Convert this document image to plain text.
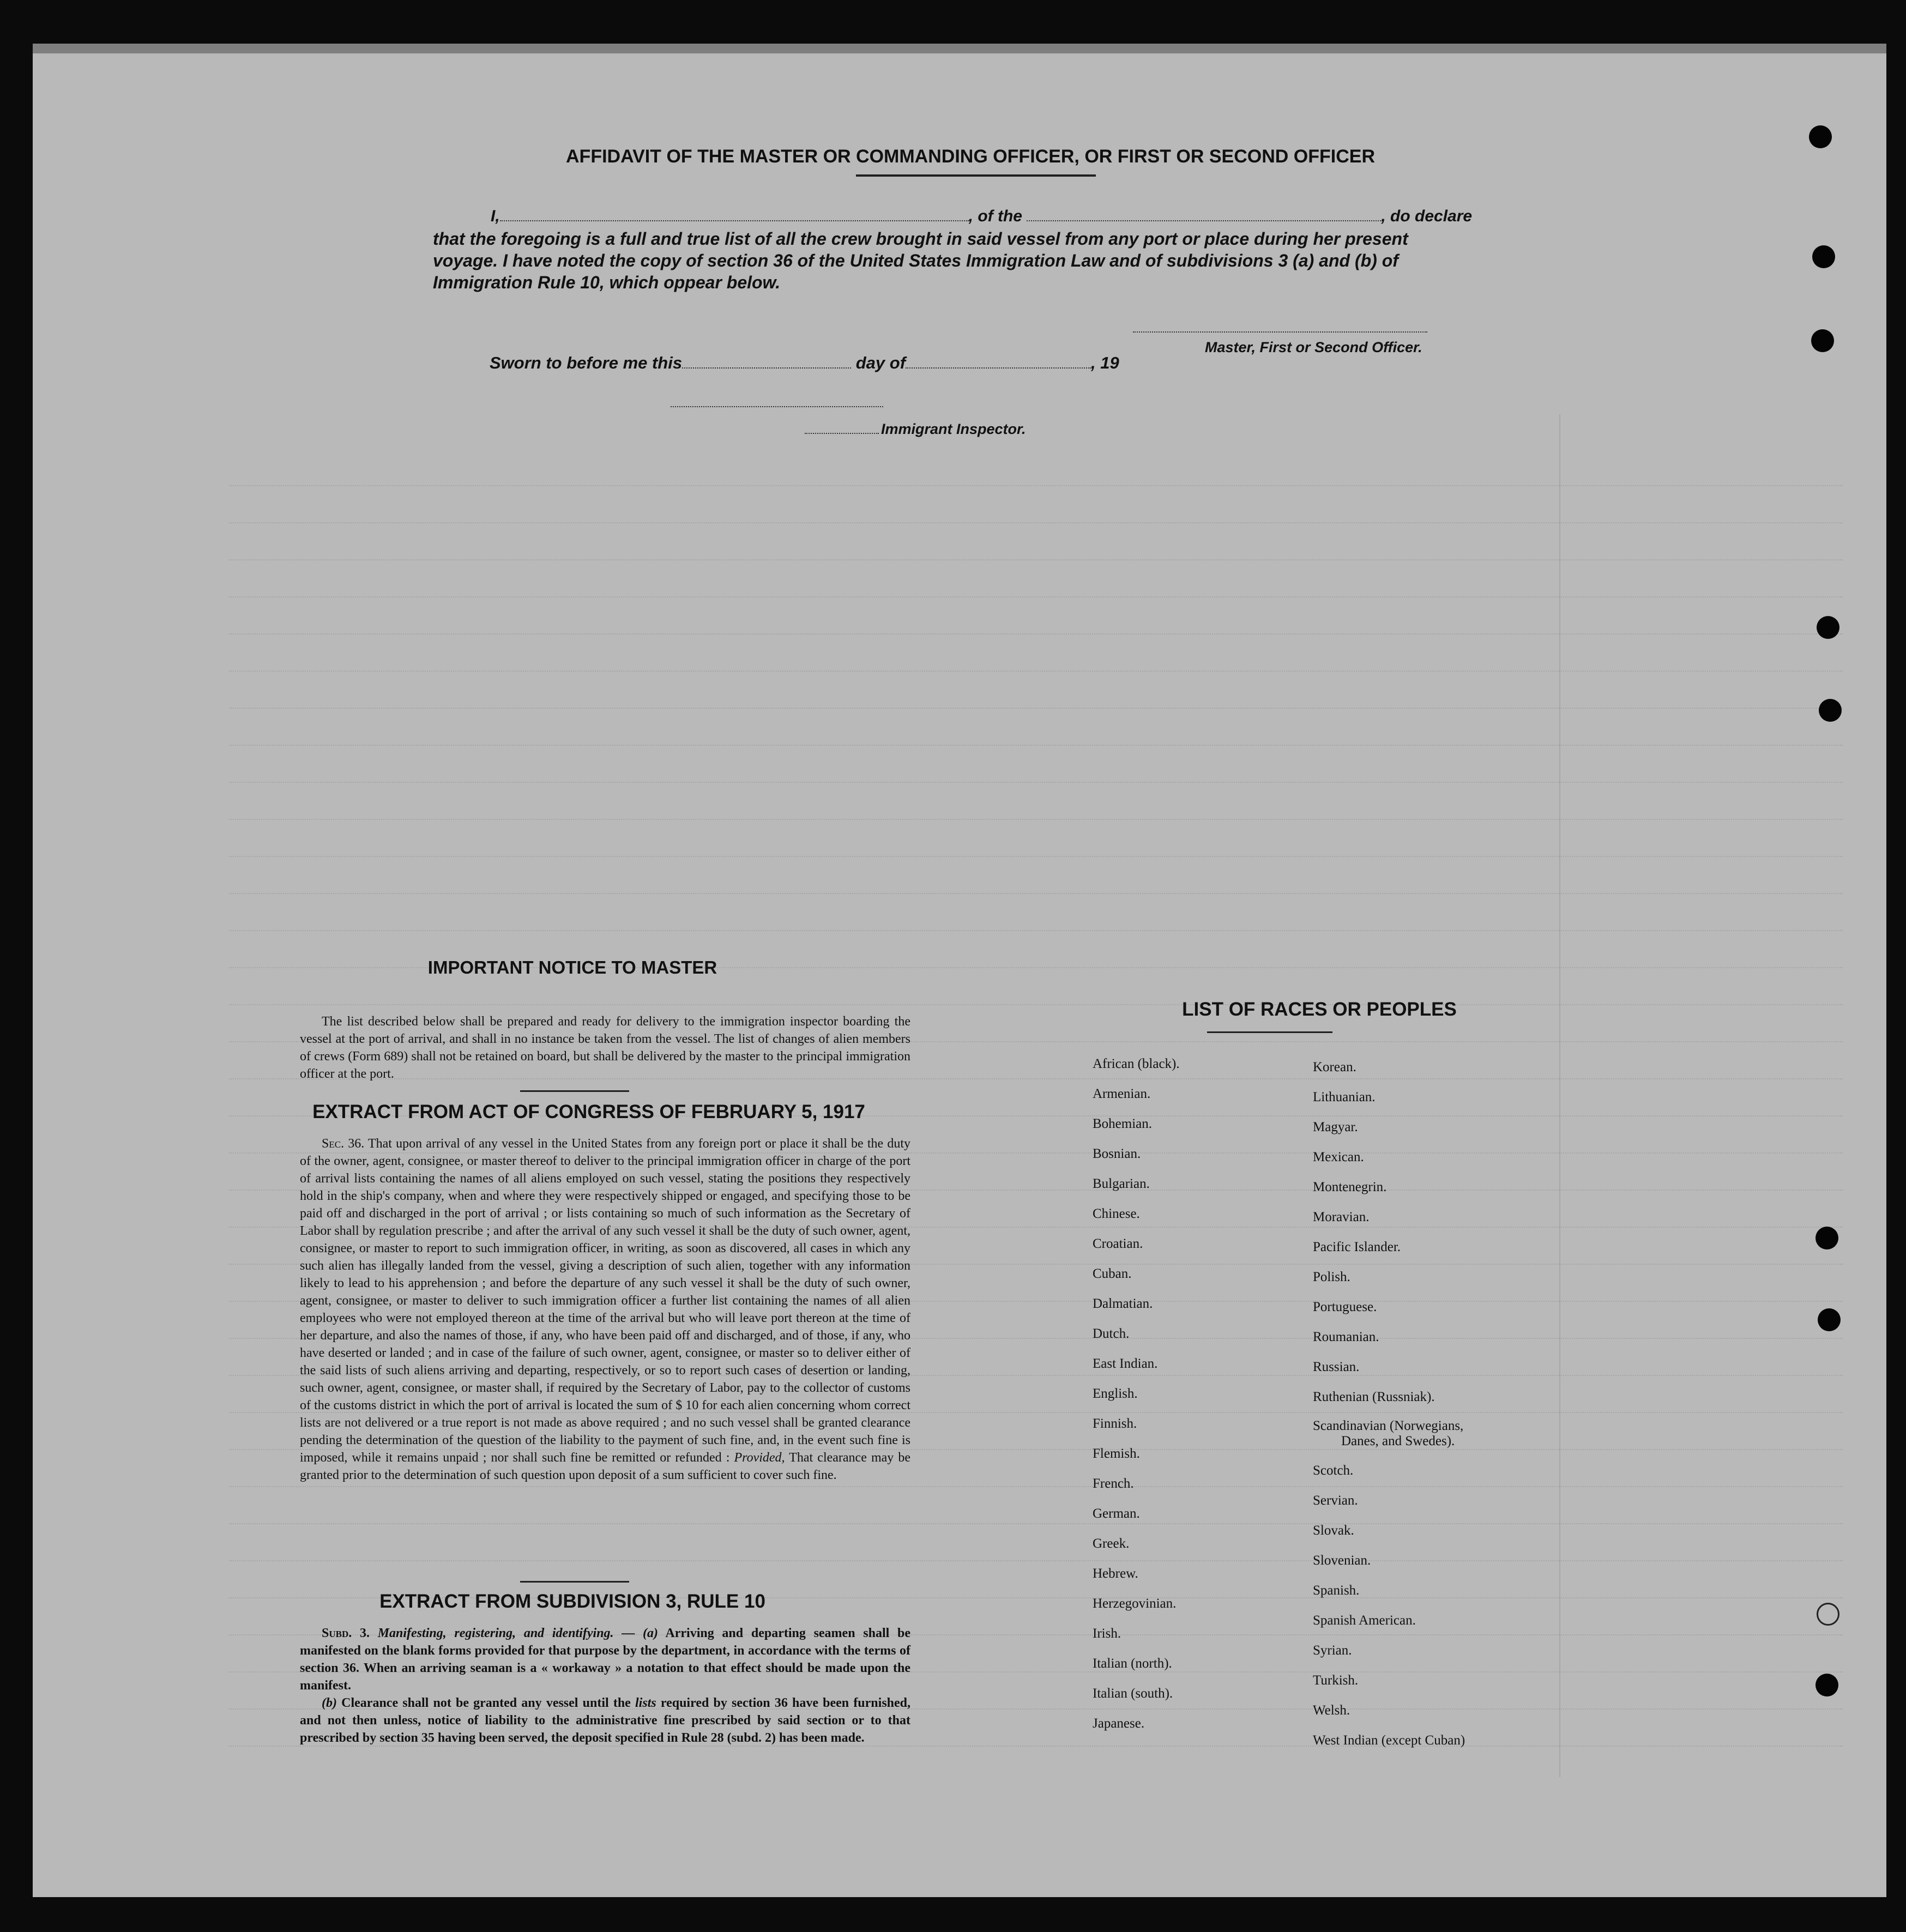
AFFIDAVIT OF THE MASTER OR COMMANDING OFFICER, OR FIRST OR SECOND OFFICER
I,	, of the	, do declare
that the foregoing is a full and true list of all the crew brought in said vessel from any port or place during her present
voyage. I have noted the copy of section 36 of the United States Immigration Law and of subdivisions 3 (a) and (b) of
Immigration Rule 10, which oppear below.
Master, First or Second Officer.
Sworn to before me this	day of	, 19
Immigrant Inspector.
IMPORTANT NOTICE TO MASTER

The list described below shall be prepared and ready for delivery to the immigration inspector boarding the vessel at the port of arrival, and shall in no instance be taken from the vessel. The list of changes of alien members of crews (Form 689) shall not be retained on board, but shall be delivered by the master to the principal immigration officer at the port.

EXTRACT FROM ACT OF CONGRESS OF FEBRUARY 5, 1917

Sec. 36. That upon arrival of any vessel in the United States from any foreign port or place it shall be the duty of the owner, agent, consignee, or master thereof to deliver to the principal immigration officer in charge of the port of arrival lists containing the names of all aliens employed on such vessel, stating the positions they respectively hold in the ship's company, when and where they were respectively shipped or engaged, and specifying those to be paid off and discharged in the port of arrival ; or lists containing so much of such information as the Secretary of Labor shall by regulation prescribe ; and after the arrival of any such vessel it shall be the duty of such owner, agent, consignee, or master to report to such immigration officer, in writing, as soon as discovered, all cases in which any such alien has illegally landed from the vessel, giving a description of such alien, together with any information likely to lead to his apprehension ; and before the departure of any such vessel it shall be the duty of such owner, agent, consignee, or master to deliver to such immigration officer a further list containing the names of all alien employees who were not employed thereon at the time of the arrival but who will leave port thereon at the time of her departure, and also the names of those, if any, who have been paid off and discharged, and of those, if any, who have deserted or landed ; and in case of the failure of such owner, agent, consignee, or master so to deliver either of the said lists of such aliens arriving and departing, respectively, or so to report such cases of desertion or landing, such owner, agent, consignee, or master shall, if required by the Secretary of Labor, pay to the collector of customs of the customs district in which the port of arrival is located the sum of $ 10 for each alien concerning whom correct lists are not delivered or a true report is not made as above required ; and no such vessel shall be granted clearance pending the determination of the question of the liability to the payment of such fine, and, in the event such fine is imposed, while it remains unpaid ; nor shall such fine be remitted or refunded : Provided, That clearance may be granted prior to the determination of such question upon deposit of a sum sufficient to cover such fine.

EXTRACT FROM SUBDIVISION 3, RULE 10

Subd. 3. Manifesting, registering, and identifying. — (a) Arriving and departing seamen shall be manifested on the blank forms provided for that purpose by the department, in accordance with the terms of section 36. When an arriving seaman is a « workaway » a notation to that effect should be made upon the manifest.

(b) Clearance shall not be granted any vessel until the lists required by section 36 have been furnished, and not then unless, notice of liability to the administrative fine prescribed by said section or to that prescribed by section 35 having been served, the deposit specified in Rule 28 (subd. 2) has been made.

LIST OF RACES OR PEOPLES
African (black).
Armenian.
Bohemian.
Bosnian.
Bulgarian.
Chinese.
Croatian.
Cuban.
Dalmatian.
Dutch.
East Indian.
English.
Finnish.
Flemish.
French.
German.
Greek.
Hebrew.
Herzegovinian.
Irish.
Italian (north).
Italian (south).
Japanese.
Korean.
Lithuanian.
Magyar.
Mexican.
Montenegrin.
Moravian.
Pacific Islander.
Polish.
Portuguese.
Roumanian.
Russian.
Ruthenian (Russniak).
Scandinavian (Norwegians,
Danes, and Swedes).
Scotch.
Servian.
Slovak.
Slovenian.
Spanish.
Spanish American.
Syrian.
Turkish.
Welsh.
West Indian (except Cuban)
